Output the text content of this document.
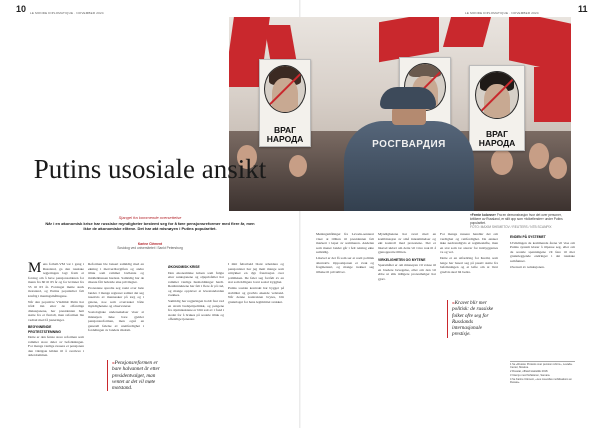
10 LE MONDE DIPLOMATIQUE · NOVEMBER 2024	11
LE MONDE DIPLOMATIQUE · NOVEMBER 2024
ВРАГ НАРОДА	ВРАГ НАРОДА
РОСГВАРДИЯ
«Femte kolonne» Fra en demonstrasjon hvor det over personer, kritikere av Russland, er stilt opp som «folkefiender» under Putins popularitet.
FOTO: MAXIM SHEMETOV / REUTERS / NTB SCANPIX
Putins usosiale ansikt
Sjangel fra kommende oversettelse
Når i en økonomisk krise har russiske myndigheter bestemt seg for å føre pensjonsreformer med flere år, men ikke de økonomiske elitene. Det har økt misnøyen i Putins popularitet.
Karine Clément
Sosiolog ved universitetet i Sankt Petersburg

Mens fotball-VM var i gang i Russland, ga den russiske regjeringen lagt frem et forslag om å heve pensjonsalderen for menn fra 60 til 65 år og for kvinner fra 55 til 63 år. Forslaget møtte sterk motstand, og Putins popularitet falt kraftig i meningsmålingene.

Når den populære Vladimir Putin har trådt inn etter de offentlige diskusjonene, har presidenten hatt støtte fra et flertall, men reformen ble vedtatt med få justeringer.

BEGYNNENDE PROTESTSTEMNING

Dette er den første store reformen som rammer store deler av befolkningen. For mange vanlige russere er pensjonen den viktigste kilden til å overleve i alderdommen.

Reformen ble lansert samtidig med en økning i merverdiavgiften og andre tiltak som rammet lavtlønte og middelklassen hardest. Samtidig har de rikeste fått beholde sine privilegier.

Protestene spredte seg raskt over hele landet. I mange regioner samlet det seg tusenvis av mennesker på torg og i gatene, noe som overrasket både myndighetene og observatører.

Sosiologiske undersøkelser viser at misnøyen ikke bare gjelder pensjonsreformen, men også en generell følelse av urettferdighet i fordelingen av landets rikdom.

«Pensjonsreformen er bare halvannet år etter presidentvalget, man ventet at det vil møte motstand.
ØKONOMISK KRISE

Den økonomiske krisen som fulgte etter sanksjonene og oljeprisfallet har rammet vanlige husholdninger hardt. Realinntektene har falt i flere år på rad, og mange opplever at levestandarden svekkes.

Samtidig har regjeringen holdt fast ved en stram budsjettpolitikk, og pengene fra oljeinntektene er blitt satt av i fond i stedet for å brukes på sosiale tiltak og offentlige tjenester.

I mitt feltarbeid blant arbeidere og pensjonister har jeg møtt mange som uttrykker en dyp frustrasjon over politikken. De føler seg forrådt av en stat som tidligere lovet sosial trygghet.

Putins sosiale kontrakt har bygget på stabilitet og gradvis økende velstand. Når denne kontrakten brytes, blir grunnlaget for hans legitimitet svekket.

Meningsmålinger fra Levada-senteret viser at tilliten til presidenten falt markert i løpet av sommeren. Andelen som mener landet går i feil retning økte samtidig.

Likevel er det få som ser et reelt politisk alternativ. Opposisjonen er svak og fragmentert, og mange trekker seg tilbake til privatlivet.

Myndighetene har svart med en kombinasjon av små innrømmelser og økt kontroll med protestene. Det er likevel uklart om dette vil være nok til å gjenopprette tilliten.

VIRKELIGHETEN OG MYTENE

Spørsmålet er om misnøyen vil vokse til en bredere bevegelse, eller om den vil ebbe ut slik tidligere protestbølger har gjort.

For mange russere handler det om verdighet og rettferdighet. De ønsker ikke nødvendigvis et regimeskifte, men en stat som tar ansvar for innbyggernes ve og vel.

Dette er en utfordring for Kreml, som lenge har basert seg på passiv støtte fra befolkningen og et løfte om at livet gradvis skal bli bedre.

«Kravet blir mer politisk: de russiske folket ofre seg for Russlands internasjonale prestisje.
ENDEN PÅ SYSTEMET

Utviklingen de kommende årene vil vise om Putins system klarer å tilpasse seg, eller om de sosiale spenningene vil føre til mer grunnleggende endringer i det russiske samfunnet.

Oversatt av redaksjonen.

1 Se «Russia: Protests over pension reform», Levada-Center, Moskva.
2 Rosstat, offisiell statistikk 2018.
3 Intervju med forfatteren, Samara.
4 Se Karine Clément, «Les nouvelles mobilisations en Russie».
